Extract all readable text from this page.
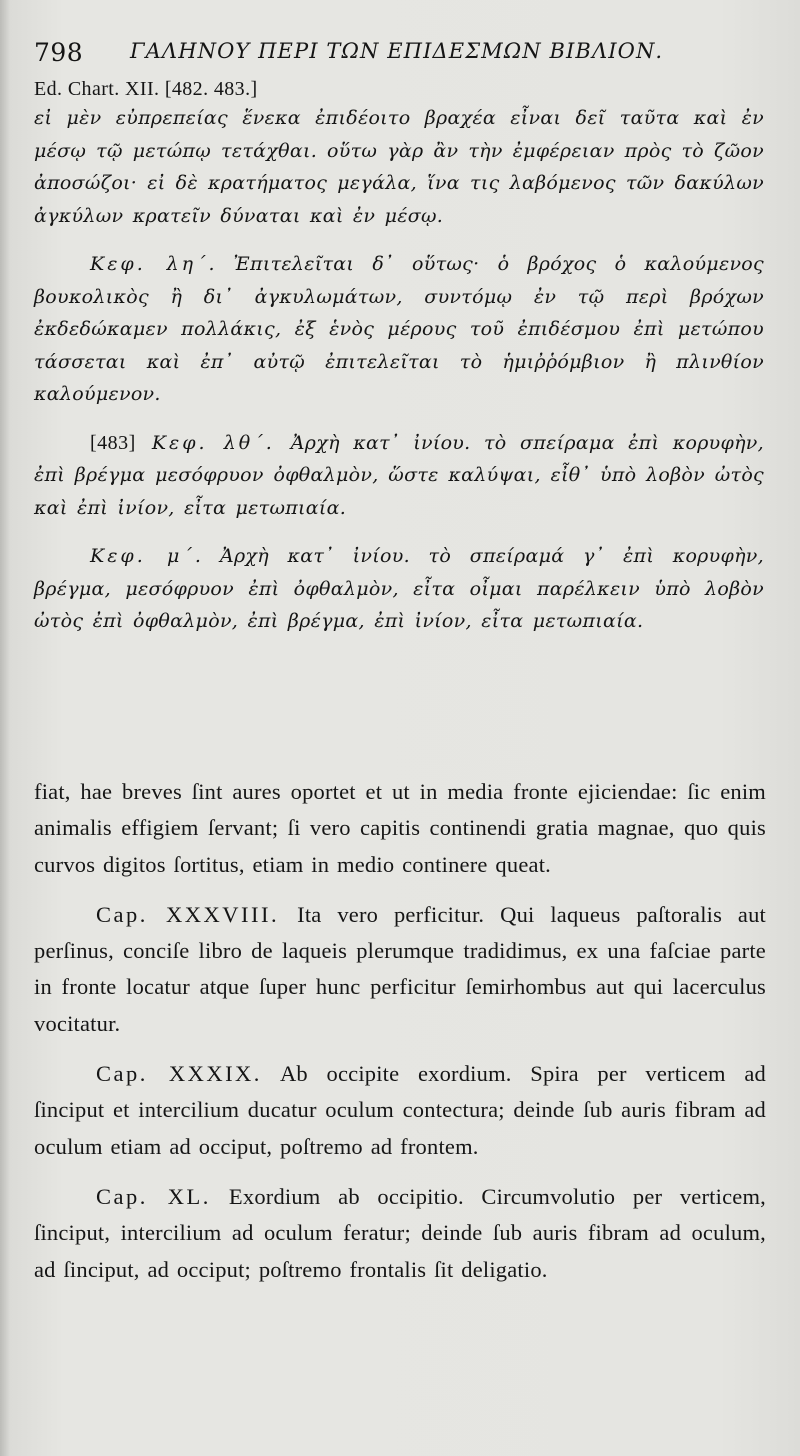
798 ΓΑΛΗΝΟΥ ΠΕΡΙ ΤΩΝ ΕΠΙΔΕΣΜΩΝ ΒΙΒΛΙΟΝ.
Ed. Chart. XII. [482. 483.]

εἰ μὲν εὐπρεπείας ἕνεκα ἐπιδέοιτο βραχέα εἶναι δεῖ ταῦτα καὶ ἐν μέσῳ τῷ μετώπῳ τετάχθαι. οὕτω γὰρ ἂν τὴν ἐμφέρειαν πρὸς τὸ ζῶον ἀποσώζοι· εἰ δὲ κρατήματος μεγάλα, ἵνα τις λαβόμενος τῶν δακύλων ἀγκύλων κρατεῖν δύναται καὶ ἐν μέσῳ.

Κεφ. λη΄. Ἐπιτελεῖται δ᾽ οὕτως· ὁ βρόχος ὁ καλούμενος βουκολικὸς ἢ δι᾽ ἀγκυλωμάτων, συντόμῳ ἐν τῷ περὶ βρόχων ἐκδεδώκαμεν πολλάκις, ἐξ ἑνὸς μέρους τοῦ ἐπιδέσμου ἐπὶ μετώπου τάσσεται καὶ ἐπ᾽ αὐτῷ ἐπιτελεῖται τὸ ἡμιῤῥόμβιον ἢ πλινθίον καλούμενον.

[483] Κεφ. λθ΄. Ἀρχὴ κατ᾽ ἰνίου. τὸ σπείραμα ἐπὶ κορυφὴν, ἐπὶ βρέγμα μεσόφρυον ὀφθαλμὸν, ὥστε καλύψαι, εἶθ᾽ ὑπὸ λοβὸν ὠτὸς καὶ ἐπὶ ἰνίον, εἶτα μετωπιαία.

Κεφ. μ΄. Ἀρχὴ κατ᾽ ἰνίου. τὸ σπείραμά γ᾽ ἐπὶ κορυφὴν, βρέγμα, μεσόφρυον ἐπὶ ὀφθαλμὸν, εἶτα οἶμαι παρέλκειν ὑπὸ λοβὸν ὠτὸς ἐπὶ ὀφθαλμὸν, ἐπὶ βρέγμα, ἐπὶ ἰνίον, εἶτα μετωπιαία.

fiat, hae breves ſint aures oportet et ut in media fronte ejiciendae: ſic enim animalis effigiem ſervant; ſi vero capitis continendi gratia magnae, quo quis curvos digitos ſortitus, etiam in medio continere queat.

Cap. XXXVIII. Ita vero perficitur. Qui laqueus paſtoralis aut perſinus, conciſe libro de laqueis plerumque tradidimus, ex una faſciae parte in fronte locatur atque ſuper hunc perficitur ſemirhombus aut qui lacerculus vocitatur.

Cap. XXXIX. Ab occipite exordium. Spira per verticem ad ſinciput et intercilium ducatur oculum contectura; deinde ſub auris fibram ad oculum etiam ad occiput, poſtremo ad frontem.

Cap. XL. Exordium ab occipitio. Circumvolutio per verticem, ſinciput, intercilium ad oculum feratur; deinde ſub auris fibram ad oculum, ad ſinciput, ad occiput; poſtremo frontalis ſit deligatio.
